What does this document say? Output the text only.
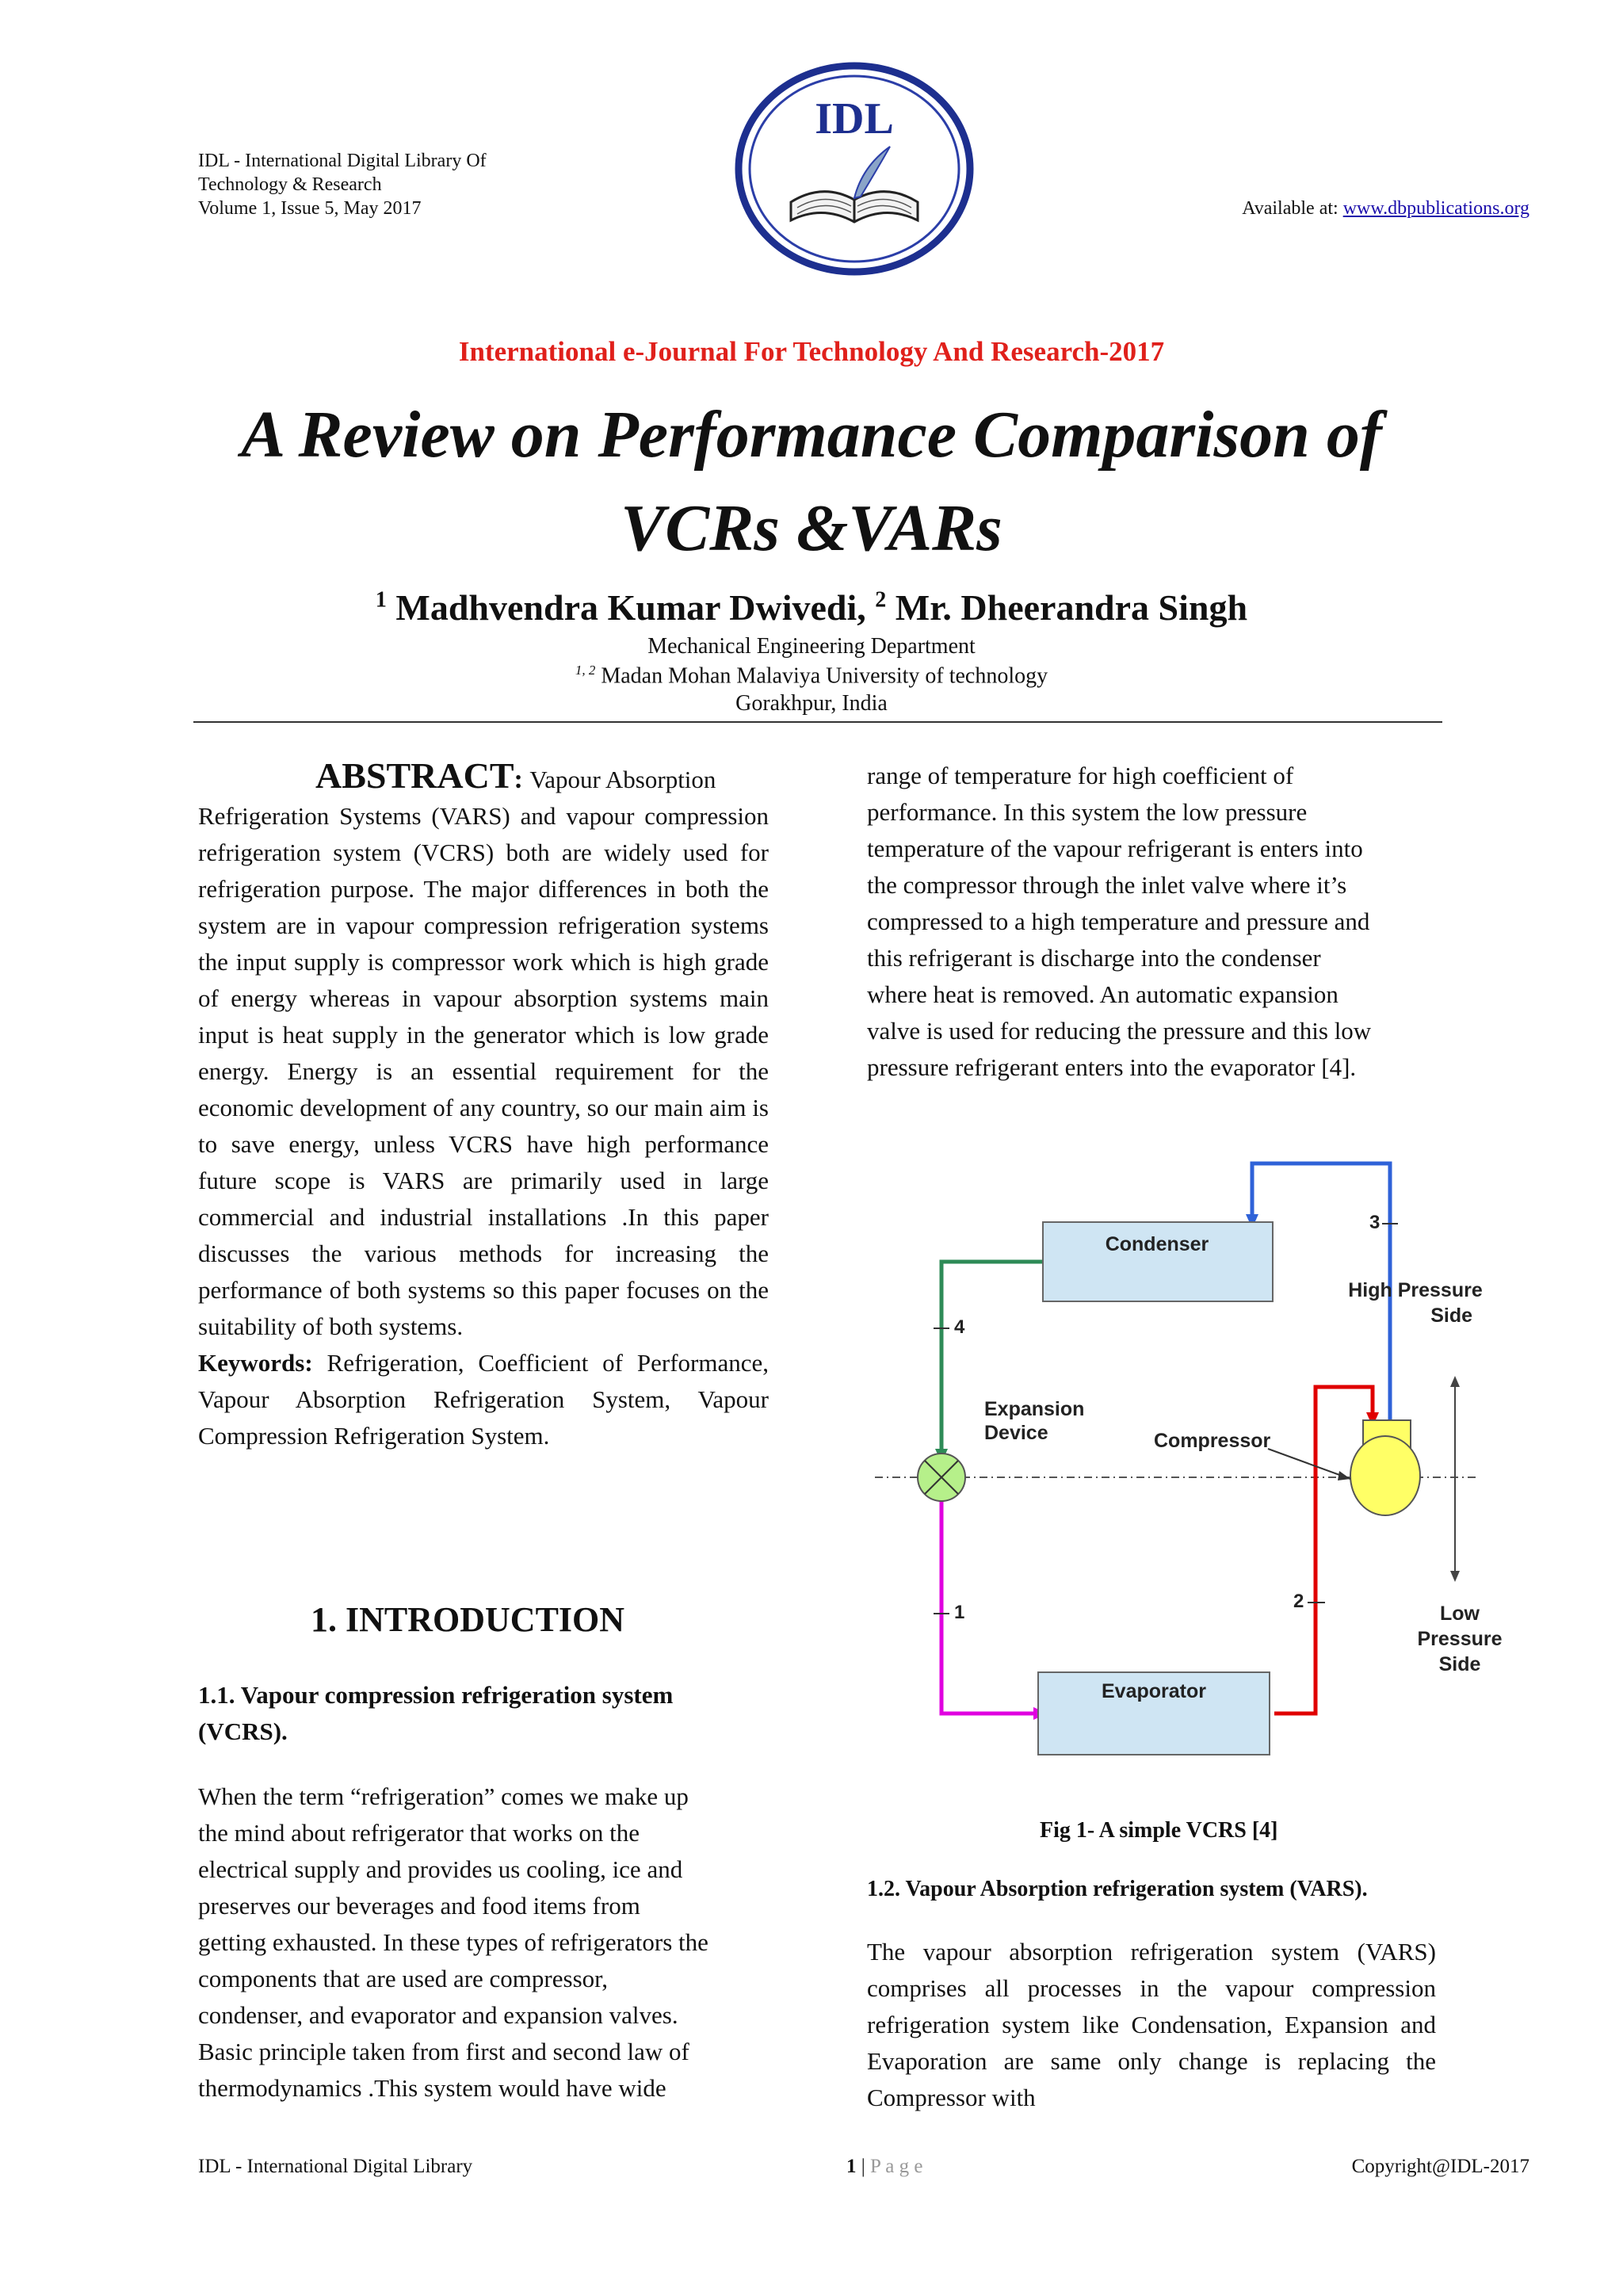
IDL - International Digital Library Of
Technology & Research
Volume 1, Issue 5, May 2017
IDL
Available at: www.dbpublications.org
International e-Journal For Technology And Research-2017
A Review on Performance Comparison of
VCRs &VARs
$^1$ Madhvendra Kumar Dwivedi, $^2$ Mr. Dheerandra Singh
Mechanical Engineering Department
$^{1, 2}$ Madan Mohan Malaviya University of technology
Gorakhpur, India
ABSTRACT: Vapour Absorption
Refrigeration Systems (VARS) and vapour compression refrigeration system (VCRS) both are widely used for refrigeration purpose. The major differences in both the system are in vapour compression refrigeration systems the input supply is compressor work which is high grade of energy whereas in vapour absorption systems main input is heat supply in the generator which is low grade energy. Energy is an essential requirement for the economic development of any country, so our main aim is to save energy, unless VCRS have high performance future scope is VARS are primarily used in large commercial and industrial installations .In this paper discusses the various methods for increasing the performance of both systems so this paper focuses on the suitability of both systems.
Keywords: Refrigeration, Coefficient of Performance, Vapour Absorption Refrigeration System, Vapour Compression Refrigeration System.
1. INTRODUCTION
1.1. Vapour compression refrigeration system (VCRS).
When the term “refrigeration” comes we make up
the mind about refrigerator that works on the
electrical supply and provides us cooling, ice and
preserves our beverages and food items from
getting exhausted. In these types of refrigerators the
components that are used are compressor,
condenser, and evaporator and expansion valves.
Basic principle taken from first and second law of
thermodynamics .This system would have wide
range of temperature for high coefficient of
performance. In this system the low pressure
temperature of the vapour refrigerant is enters into
the compressor through the inlet valve where it’s
compressed to a high temperature and pressure and
this refrigerant is discharge into the condenser
where heat is removed. An automatic expansion
valve is used for reducing the pressure and this low
pressure refrigerant enters into the evaporator [4].
Condenser
Evaporator
Expansion
Device	Compressor
High Pressure
Side
Low
Pressure
Side
3
4
1
2
Fig 1- A simple VCRS [4]
1.2. Vapour Absorption refrigeration system (VARS).
The vapour absorption refrigeration system (VARS) comprises all processes in the vapour compression refrigeration system like Condensation, Expansion and Evaporation are same only change is replacing the Compressor with
IDL - International Digital Library	1 | P a g e	Copyright@IDL-2017
